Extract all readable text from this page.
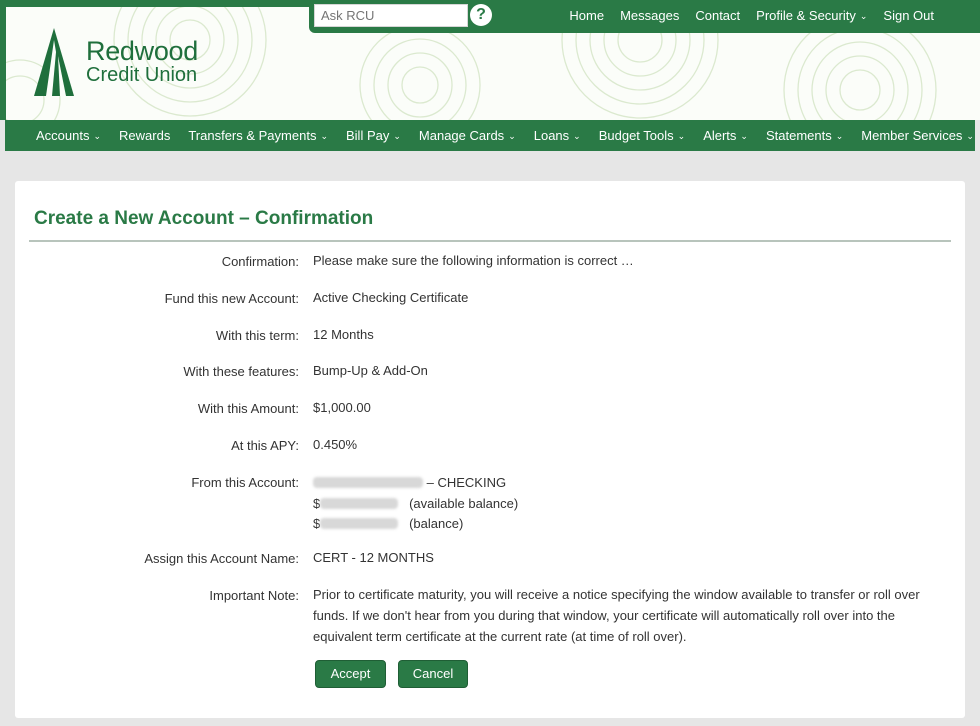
Ask RCU
?	Home Messages Contact Profile & Security ⌄ Sign Out
Redwood
Credit Union
Accounts ⌄ Rewards Transfers & Payments ⌄ Bill Pay ⌄ Manage Cards ⌄ Loans ⌄ Budget Tools ⌄ Alerts ⌄ Statements ⌄ Member Services ⌄
Create a New Account – Confirmation
Confirmation: Please make sure the following information is correct …
Fund this new Account: Active Checking Certificate
With this term: 12 Months
With these features: Bump-Up & Add-On
With this Amount: $1,000.00
At this APY: 0.450%
From this Account:	– CHECKING
$	(available balance)
$	(balance)
Assign this Account Name: CERT - 12 MONTHS
Important Note: Prior to certificate maturity, you will receive a notice specifying the window available to transfer or roll over funds. If we don't hear from you during that window, your certificate will automatically roll over into the equivalent term certificate at the current rate (at time of roll over).
Accept	Cancel
